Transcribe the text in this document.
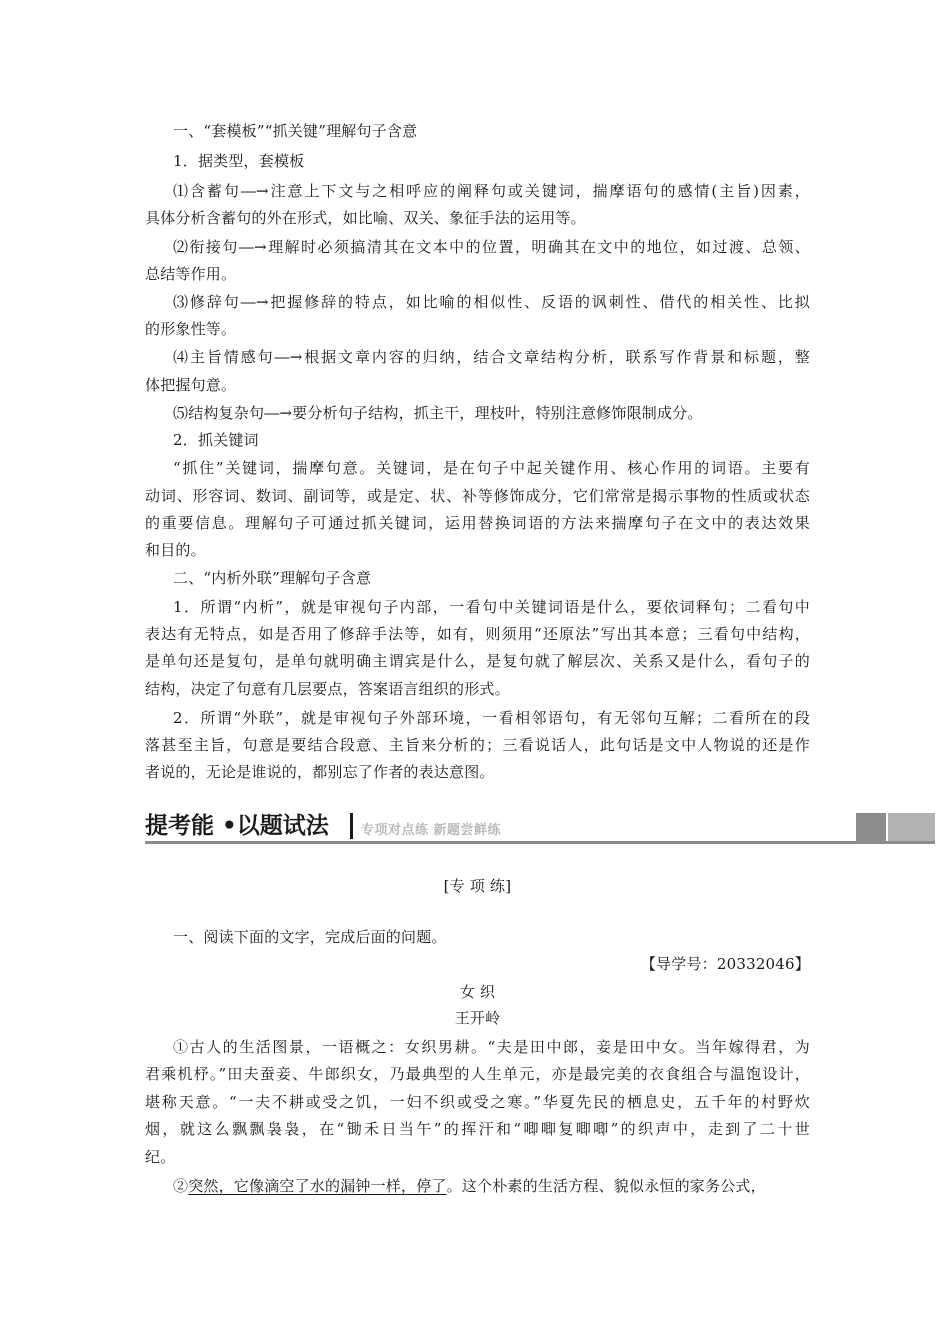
一、“套模板”“抓关键”理解句子含意
1．据类型，套模板
⑴含蓄句―→注意上下文与之相呼应的阐释句或关键词，揣摩语句的感情(主旨)因素，
具体分析含蓄句的外在形式，如比喻、双关、象征手法的运用等。
⑵衔接句―→理解时必须搞清其在文本中的位置，明确其在文中的地位，如过渡、总领、
总结等作用。
⑶修辞句―→把握修辞的特点，如比喻的相似性、反语的讽刺性、借代的相关性、比拟
的形象性等。
⑷主旨情感句―→根据文章内容的归纳，结合文章结构分析，联系写作背景和标题，整
体把握句意。
⑸结构复杂句―→要分析句子结构，抓主干，理枝叶，特别注意修饰限制成分。
2．抓关键词
“抓住”关键词，揣摩句意。关键词，是在句子中起关键作用、核心作用的词语。主要有
动词、形容词、数词、副词等，或是定、状、补等修饰成分，它们常常是揭示事物的性质或状态
的重要信息。理解句子可通过抓关键词，运用替换词语的方法来揣摩句子在文中的表达效果
和目的。
二、“内析外联”理解句子含意
1．所谓“内析”，就是审视句子内部，一看句中关键词语是什么，要依词释句；二看句中
表达有无特点，如是否用了修辞手法等，如有，则须用“还原法”写出其本意；三看句中结构，
是单句还是复句，是单句就明确主谓宾是什么，是复句就了解层次、关系又是什么，看句子的
结构，决定了句意有几层要点，答案语言组织的形式。
2．所谓“外联”，就是审视句子外部环境，一看相邻语句，有无邻句互解；二看所在的段
落甚至主旨，句意是要结合段意、主旨来分析的；三看说话人，此句话是文中人物说的还是作
者说的，无论是谁说的，都别忘了作者的表达意图。
提考能 •以题试法 专项对点练 新题尝鲜练
[专 项 练]
一、阅读下面的文字，完成后面的问题。
【导学号：20332046】
女 织
王开岭
①古人的生活图景，一语概之：女织男耕。“夫是田中郎，妾是田中女。当年嫁得君，为
君乘机杼。”田夫蚕妾、牛郎织女，乃最典型的人生单元，亦是最完美的衣食组合与温饱设计，
堪称天意。“一夫不耕或受之饥，一妇不织或受之寒。”华夏先民的栖息史，五千年的村野炊
烟，就这么飘飘袅袅，在“锄禾日当午”的挥汗和“唧唧复唧唧”的织声中，走到了二十世
纪。
②突然，它像滴空了水的漏钟一样，停了。这个朴素的生活方程、貌似永恒的家务公式，
